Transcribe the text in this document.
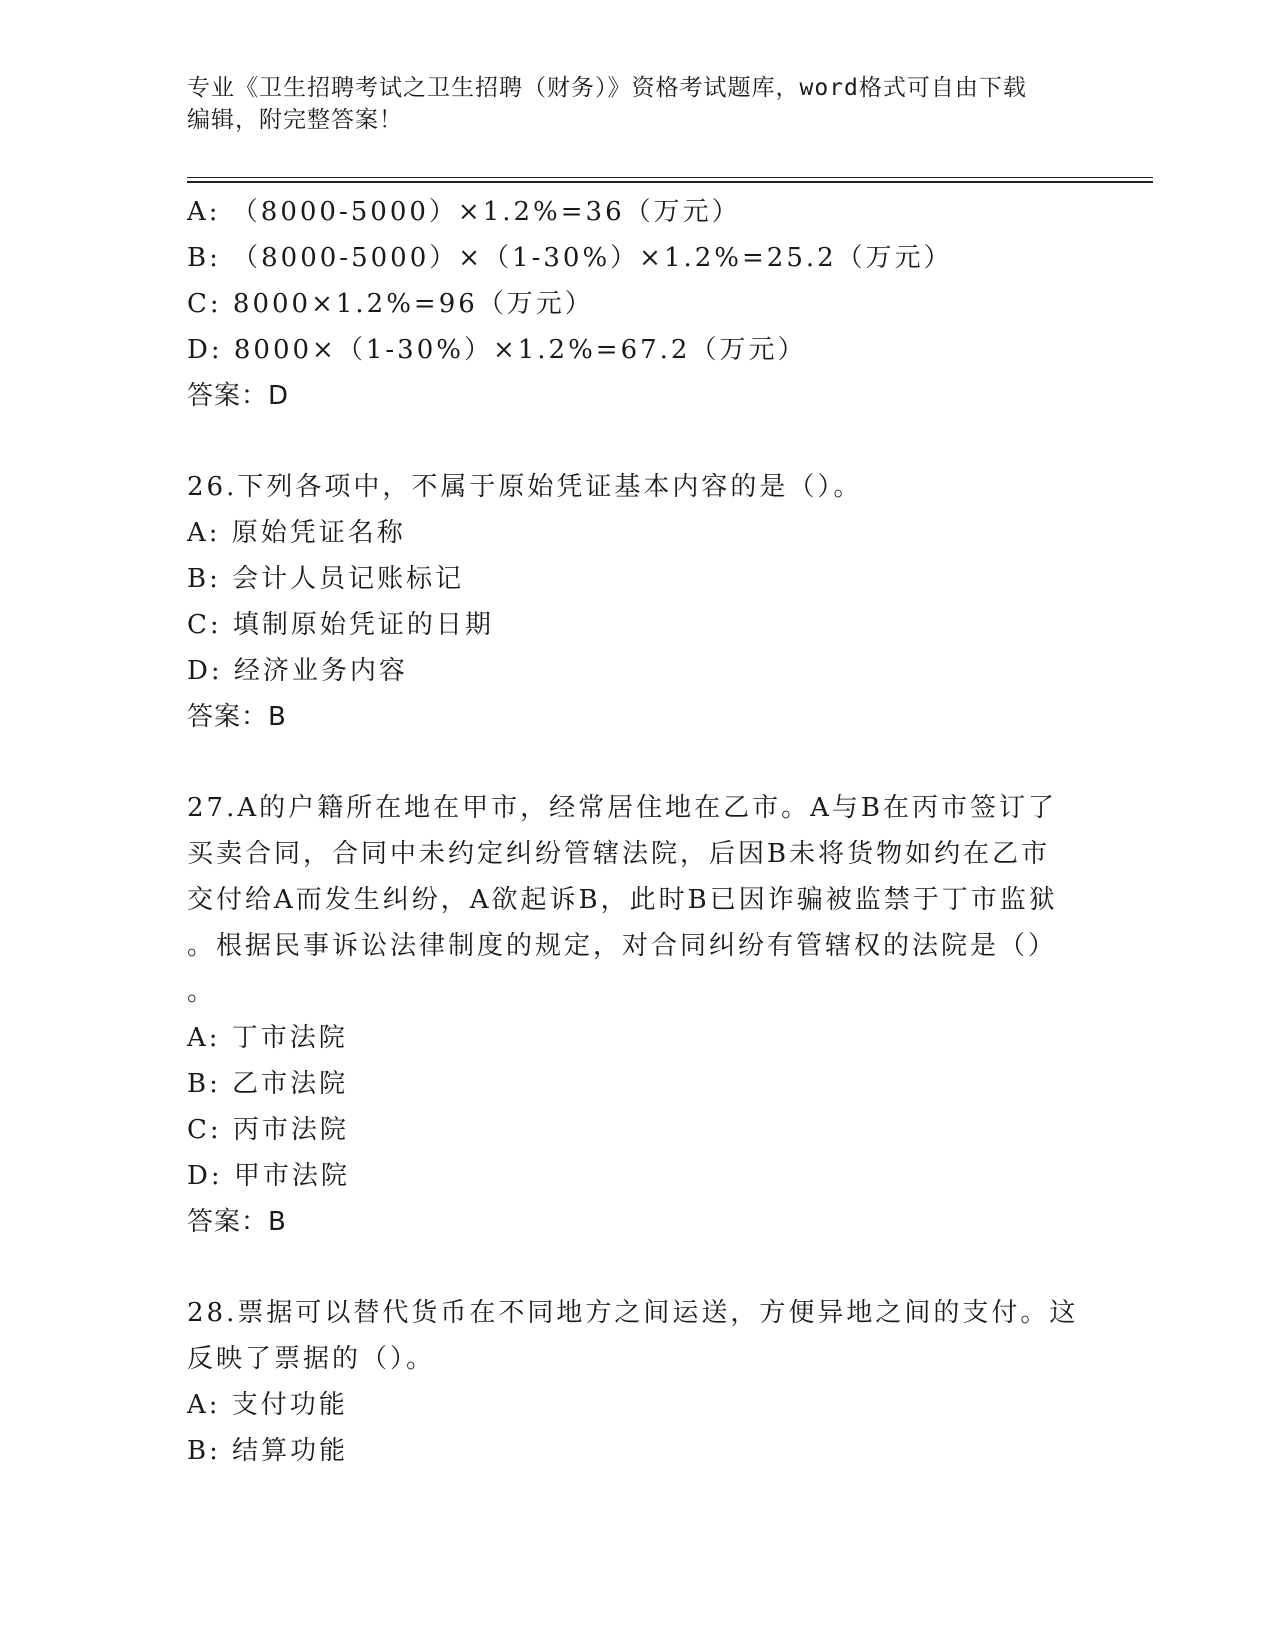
专业《卫生招聘考试之卫生招聘（财务）》资格考试题库，word格式可自由下载
编辑，附完整答案！
A: （8000-5000）×1.2%=36（万元）
B: （8000-5000）×（1-30%）×1.2%=25.2（万元）
C: 8000×1.2%=96（万元）
D: 8000×（1-30%）×1.2%=67.2（万元）
答案：D
26.下列各项中，不属于原始凭证基本内容的是（）。
A: 原始凭证名称
B: 会计人员记账标记
C: 填制原始凭证的日期
D: 经济业务内容
答案：B
27.A的户籍所在地在甲市，经常居住地在乙市。A与B在丙市签订了
买卖合同，合同中未约定纠纷管辖法院，后因B未将货物如约在乙市
交付给A而发生纠纷，A欲起诉B，此时B已因诈骗被监禁于丁市监狱
。根据民事诉讼法律制度的规定，对合同纠纷有管辖权的法院是（）
。
A: 丁市法院
B: 乙市法院
C: 丙市法院
D: 甲市法院
答案：B
28.票据可以替代货币在不同地方之间运送，方便异地之间的支付。这
反映了票据的（）。
A: 支付功能
B: 结算功能
